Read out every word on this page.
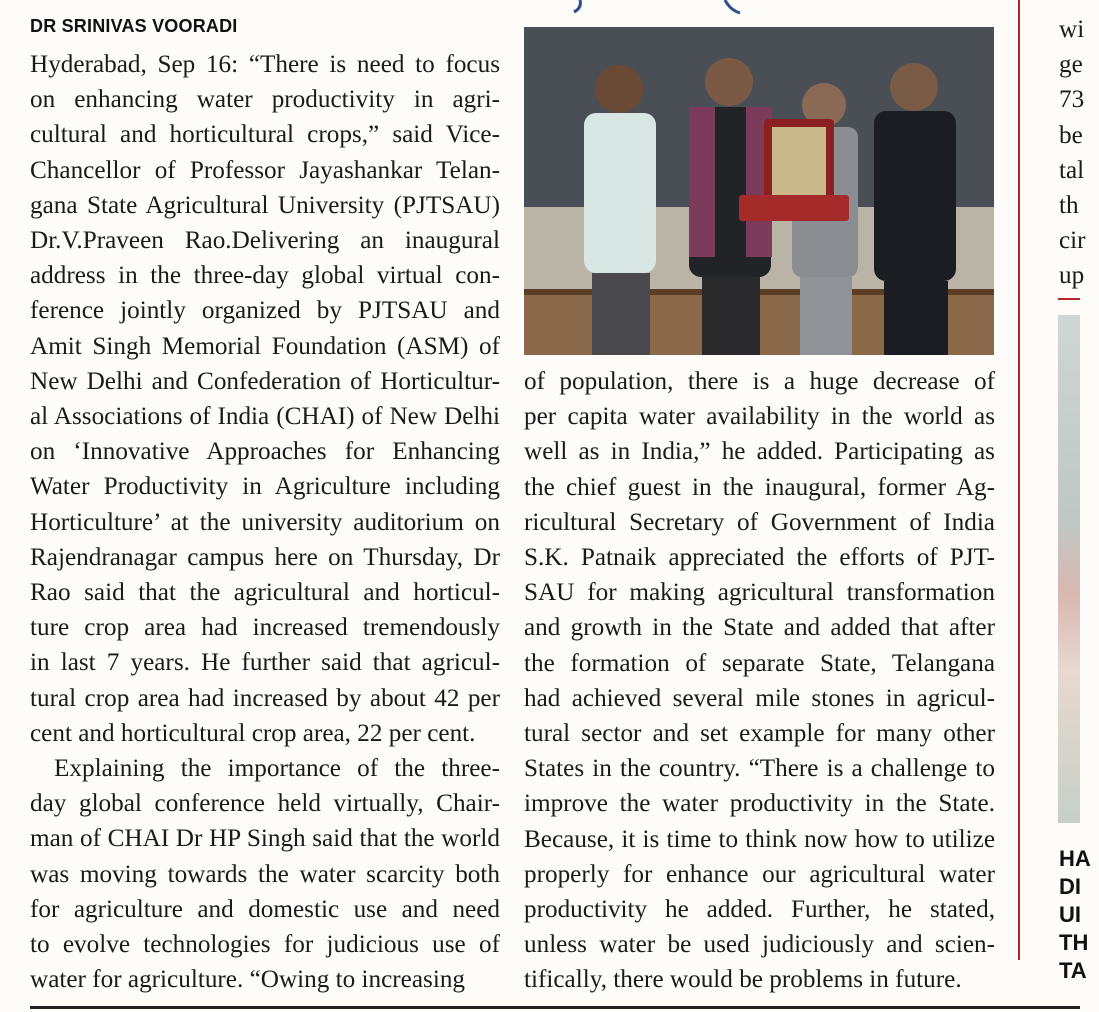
DR SRINIVAS VOORADI
Hyderabad, Sep 16: “There is need to focus
on enhancing water productivity in agri-
cultural and horticultural crops,” said Vice-
Chancellor of Professor Jayashankar Telan-
gana State Agricultural University (PJTSAU)
Dr.V.Praveen Rao.Delivering an inaugural
address in the three-day global virtual con-
ference jointly organized by PJTSAU and
Amit Singh Memorial Foundation (ASM) of
New Delhi and Confederation of Horticultur-
al Associations of India (CHAI) of New Delhi
on ‘Innovative Approaches for Enhancing
Water Productivity in Agriculture including
Horticulture’ at the university auditorium on
Rajendranagar campus here on Thursday, Dr
Rao said that the agricultural and horticul-
ture crop area had increased tremendously
in last 7 years. He further said that agricul-
tural crop area had increased by about 42 per
cent and horticultural crop area, 22 per cent.
Explaining the importance of the three-
day global conference held virtually, Chair-
man of CHAI Dr HP Singh said that the world
was moving towards the water scarcity both
for agriculture and domestic use and need
to evolve technologies for judicious use of
water for agriculture. “Owing to increasing
of population, there is a huge decrease of
per capita water availability in the world as
well as in India,” he added. Participating as
the chief guest in the inaugural, former Ag-
ricultural Secretary of Government of India
S.K. Patnaik appreciated the efforts of PJT-
SAU for making agricultural transformation
and growth in the State and added that after
the formation of separate State, Telangana
had achieved several mile stones in agricul-
tural sector and set example for many other
States in the country. “There is a challenge to
improve the water productivity in the State.
Because, it is time to think now how to utilize
properly for enhance our agricultural water
productivity he added. Further, he stated,
unless water be used judiciously and scien-
tifically, there would be problems in future.
wi
ge
73
be
tal
th
cir
up
HA
DI
UI
TH
TA
